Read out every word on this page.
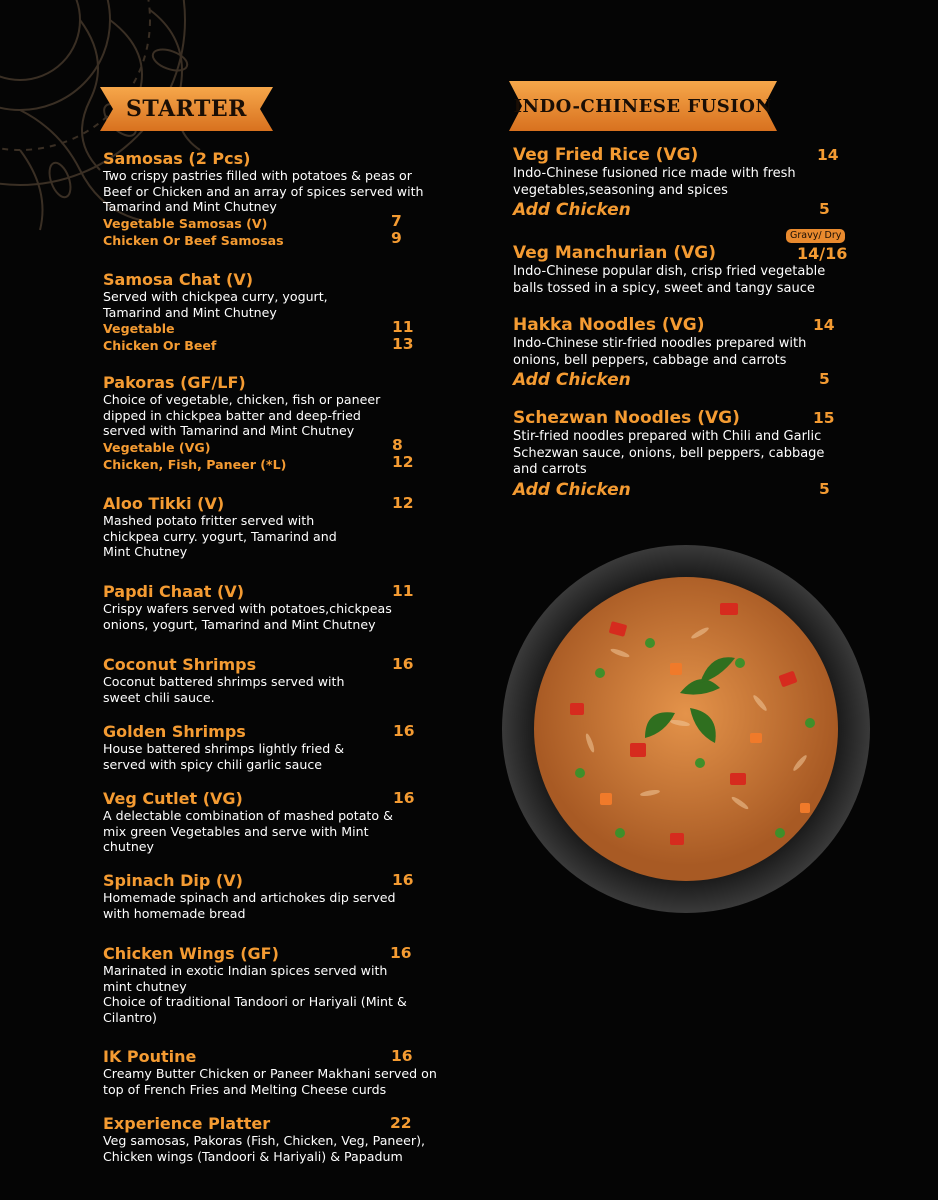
STARTER	INDO-CHINESE FUSION
Samosas (2 Pcs)

Two crispy pastries filled with potatoes & peas or Beef or Chicken and an array of spices served with Tamarind and Mint Chutney

Vegetable Samosas (V)
Chicken Or Beef Samosas
7
9
Samosa Chat (V)

Served with chickpea curry, yogurt, Tamarind and Mint Chutney

Vegetable
Chicken Or Beef
11
13
Pakoras (GF/LF)

Choice of vegetable, chicken, fish or paneer dipped in chickpea batter and deep-fried served with Tamarind and Mint Chutney

Vegetable (VG)
Chicken, Fish, Paneer (*L)
8
12
Aloo Tikki (V)

Mashed potato fritter served with chickpea curry. yogurt, Tamarind and Mint Chutney

12
Papdi Chaat (V)

Crispy wafers served with potatoes,chickpeas onions, yogurt, Tamarind and Mint Chutney

11
Coconut Shrimps

Coconut battered shrimps served with sweet chili sauce.

16
Golden Shrimps

House battered shrimps lightly fried & served with spicy chili garlic sauce

16
Veg Cutlet (VG)

A delectable combination of mashed potato & mix green Vegetables and serve with Mint chutney

16
Spinach Dip (V)

Homemade spinach and artichokes dip served with homemade bread

16
Chicken Wings (GF)

Marinated in exotic Indian spices served with mint chutney

Choice of traditional Tandoori or Hariyali (Mint & Cilantro)

16
IK Poutine

Creamy Butter Chicken or Paneer Makhani served on top of French Fries and Melting Cheese curds

16
Experience Platter

Veg samosas, Pakoras (Fish, Chicken, Veg, Paneer), Chicken wings (Tandoori & Hariyali) & Papadum

22
Veg Fried Rice (VG)

Indo-Chinese fusioned rice made with fresh vegetables,seasoning and spices

Add Chicken
14
5
Gravy/ Dry
Veg Manchurian (VG)

Indo-Chinese popular dish, crisp fried vegetable balls tossed in a spicy, sweet and tangy sauce

14/16
Hakka Noodles (VG)

Indo-Chinese stir-fried noodles prepared with onions, bell peppers, cabbage and carrots

Add Chicken
14
5
Schezwan Noodles (VG)

Stir-fried noodles prepared with Chili and Garlic Schezwan sauce, onions, bell peppers, cabbage and carrots

Add Chicken
15
5
